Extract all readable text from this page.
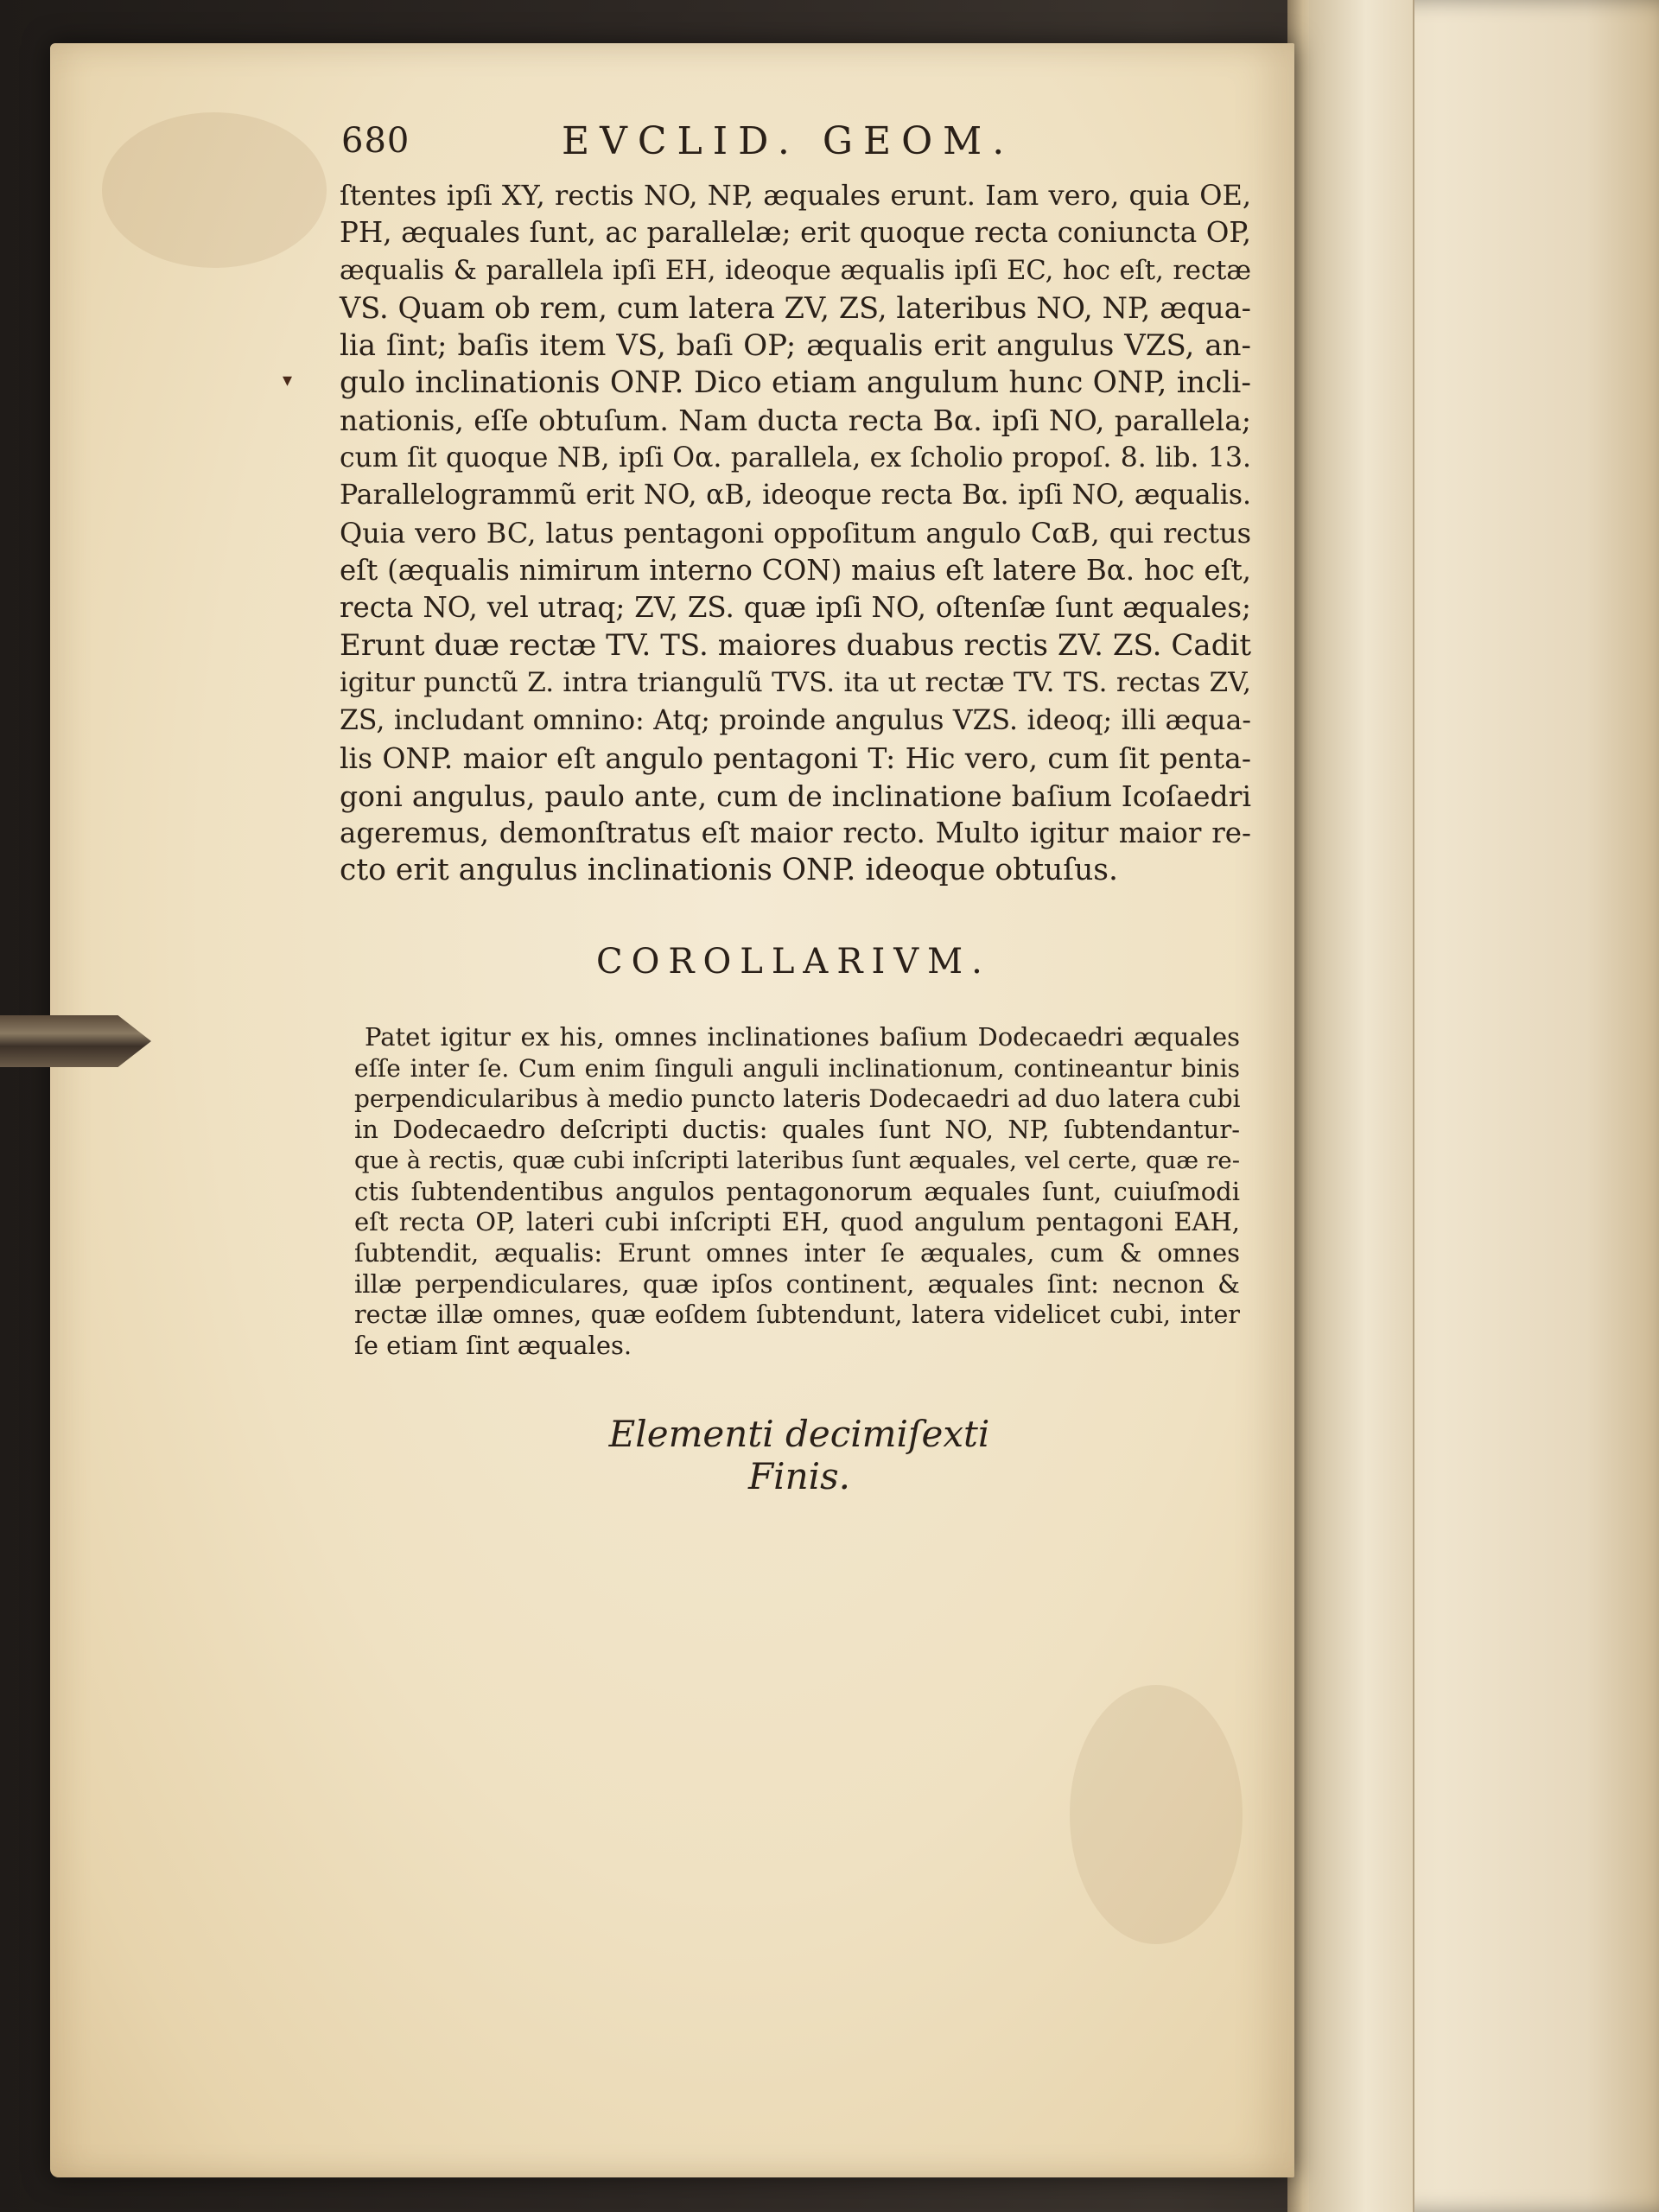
▾
680	EVCLID. GEOM.
ſtentes ipſi XY, rectis NO, NP, æquales erunt. Iam vero, quia OE,
PH, æquales ſunt, ac parallelæ; erit quoque recta coniuncta OP,
æqualis & parallela ipſi EH, ideoque æqualis ipſi EC, hoc eſt, rectæ
VS. Quam ob rem, cum latera ZV, ZS, lateribus NO, NP, æqua-
lia ſint; baſis item VS, baſi OP; æqualis erit angulus VZS, an-
gulo inclinationis ONP. Dico etiam angulum hunc ONP, incli-
nationis, eſſe obtuſum. Nam ducta recta Bα. ipſi NO, parallela;
cum ſit quoque NB, ipſi Oα. parallela, ex ſcholio propoſ. 8. lib. 13.
Parallelogrammũ erit NO, αB, ideoque recta Bα. ipſi NO, æqualis.
Quia vero BC, latus pentagoni oppoſitum angulo CαB, qui rectus
eſt (æqualis nimirum interno CON) maius eſt latere Bα. hoc eſt,
recta NO, vel utraq; ZV, ZS. quæ ipſi NO, oſtenſæ ſunt æquales;
Erunt duæ rectæ TV. TS. maiores duabus rectis ZV. ZS. Cadit
igitur punctũ Z. intra triangulũ TVS. ita ut rectæ TV. TS. rectas ZV,
ZS, includant omnino: Atq; proinde angulus VZS. ideoq; illi æqua-
lis ONP. maior eſt angulo pentagoni T: Hic vero, cum ſit penta-
goni angulus, paulo ante, cum de inclinatione baſium Icoſaedri
ageremus, demonſtratus eſt maior recto. Multo igitur maior re-
cto erit angulus inclinationis ONP. ideoque obtuſus.
COROLLARIVM.
Patet igitur ex his, omnes inclinationes baſium Dodecaedri æquales
eſſe inter ſe. Cum enim ſinguli anguli inclinationum, contineantur binis
perpendicularibus à medio puncto lateris Dodecaedri ad duo latera cubi
in Dodecaedro deſcripti ductis: quales ſunt NO, NP, ſubtendantur-
que à rectis, quæ cubi inſcripti lateribus ſunt æquales, vel certe, quæ re-
ctis ſubtendentibus angulos pentagonorum æquales ſunt, cuiuſmodi
eſt recta OP, lateri cubi inſcripti EH, quod angulum pentagoni EAH,
ſubtendit, æqualis: Erunt omnes inter ſe æquales, cum & omnes
illæ perpendiculares, quæ ipſos continent, æquales ſint: necnon &
rectæ illæ omnes, quæ eoſdem ſubtendunt, latera videlicet cubi, inter
ſe etiam ſint æquales.
Elementi decimiſexti Finis.
